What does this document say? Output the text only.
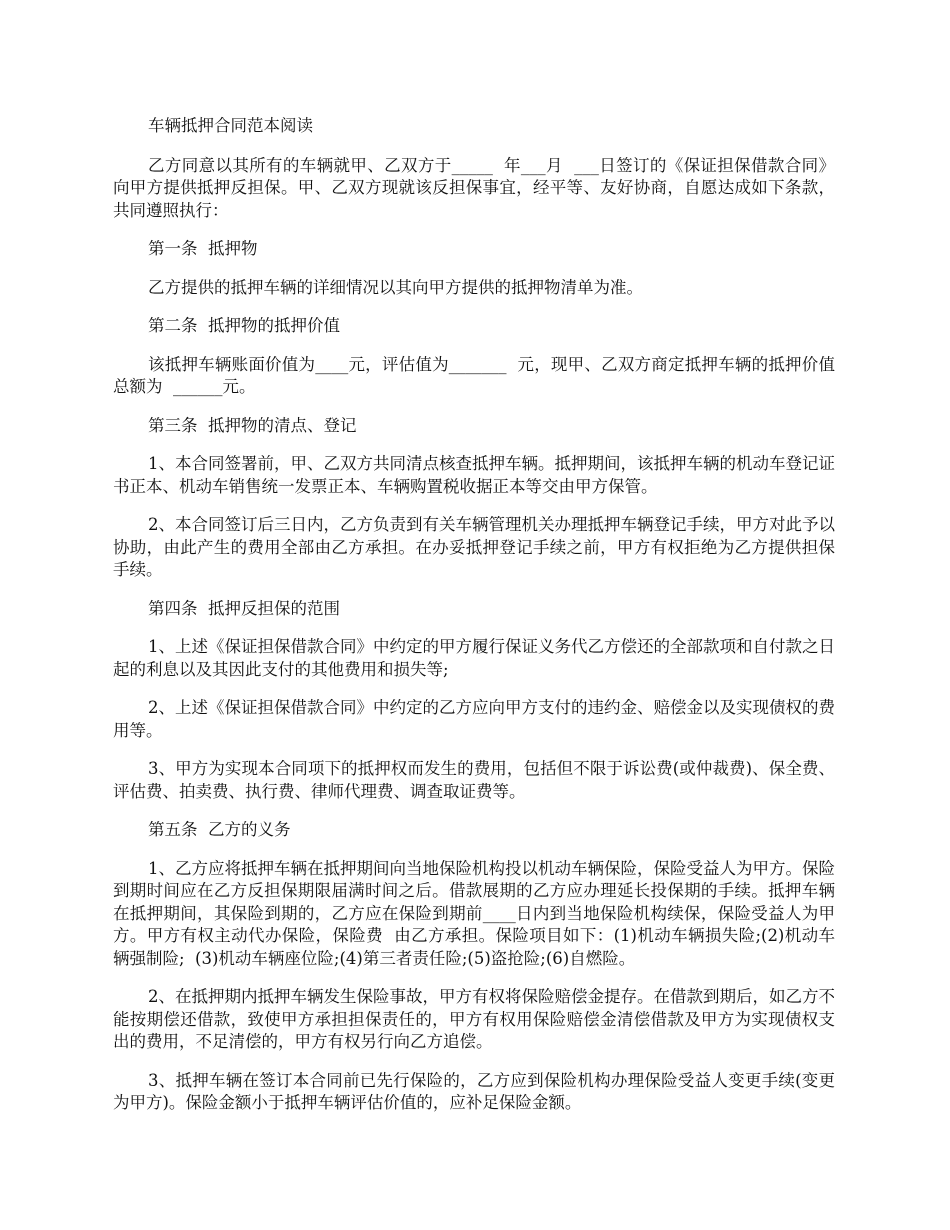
车辆抵押合同范本阅读

乙方同意以其所有的车辆就甲、乙双方于_____  年___月  ___日签订的《保证担保借款合同》向甲方提供抵押反担保。甲、乙双方现就该反担保事宜，经平等、友好协商，自愿达成如下条款，共同遵照执行：

第一条  抵押物

乙方提供的抵押车辆的详细情况以其向甲方提供的抵押物清单为准。

第二条  抵押物的抵押价值

该抵押车辆账面价值为____元，评估值为_______  元，现甲、乙双方商定抵押车辆的抵押价值总额为  ______元。

第三条  抵押物的清点、登记

1、本合同签署前，甲、乙双方共同清点核查抵押车辆。抵押期间，该抵押车辆的机动车登记证书正本、机动车销售统一发票正本、车辆购置税收据正本等交由甲方保管。

2、本合同签订后三日内，乙方负责到有关车辆管理机关办理抵押车辆登记手续，甲方对此予以协助，由此产生的费用全部由乙方承担。在办妥抵押登记手续之前，甲方有权拒绝为乙方提供担保手续。

第四条  抵押反担保的范围

1、上述《保证担保借款合同》中约定的甲方履行保证义务代乙方偿还的全部款项和自付款之日起的利息以及其因此支付的其他费用和损失等;

2、上述《保证担保借款合同》中约定的乙方应向甲方支付的违约金、赔偿金以及实现债权的费用等。

3、甲方为实现本合同项下的抵押权而发生的费用，包括但不限于诉讼费(或仲裁费)、保全费、评估费、拍卖费、执行费、律师代理费、调查取证费等。

第五条  乙方的义务

1、乙方应将抵押车辆在抵押期间向当地保险机构投以机动车辆保险，保险受益人为甲方。保险到期时间应在乙方反担保期限届满时间之后。借款展期的乙方应办理延长投保期的手续。抵押车辆在抵押期间，其保险到期的，乙方应在保险到期前____日内到当地保险机构续保，保险受益人为甲方。甲方有权主动代办保险，保险费  由乙方承担。保险项目如下：(1)机动车辆损失险;(2)机动车辆强制险;  (3)机动车辆座位险;(4)第三者责任险;(5)盗抢险;(6)自燃险。

2、在抵押期内抵押车辆发生保险事故，甲方有权将保险赔偿金提存。在借款到期后，如乙方不能按期偿还借款，致使甲方承担担保责任的，甲方有权用保险赔偿金清偿借款及甲方为实现债权支出的费用，不足清偿的，甲方有权另行向乙方追偿。

3、抵押车辆在签订本合同前已先行保险的，乙方应到保险机构办理保险受益人变更手续(变更为甲方)。保险金额小于抵押车辆评估价值的，应补足保险金额。
